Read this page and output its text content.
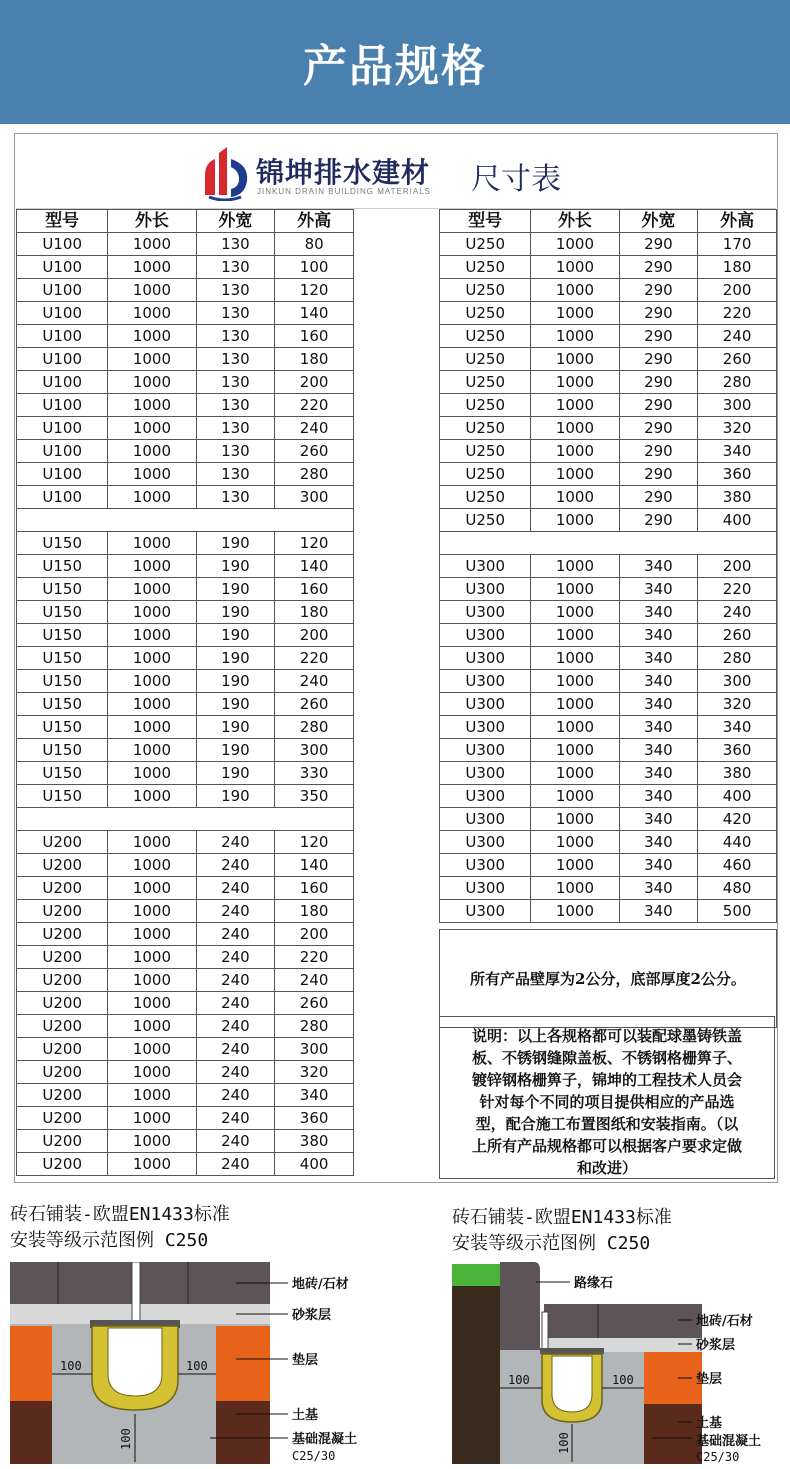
产品规格
锦坤排水建材
JINKUN DRAIN BUILDING MATERIALS 尺寸表
型号	外长	外宽	外高
U100	1000	130	80
U100	1000	130	100
U100	1000	130	120
U100	1000	130	140
U100	1000	130	160
U100	1000	130	180
U100	1000	130	200
U100	1000	130	220
U100	1000	130	240
U100	1000	130	260
U100	1000	130	280
U100	1000	130	300

U150	1000	190	120
U150	1000	190	140
U150	1000	190	160
U150	1000	190	180
U150	1000	190	200
U150	1000	190	220
U150	1000	190	240
U150	1000	190	260
U150	1000	190	280
U150	1000	190	300
U150	1000	190	330
U150	1000	190	350

U200	1000	240	120
U200	1000	240	140
U200	1000	240	160
U200	1000	240	180
U200	1000	240	200
U200	1000	240	220
U200	1000	240	240
U200	1000	240	260
U200	1000	240	280
U200	1000	240	300
U200	1000	240	320
U200	1000	240	340
U200	1000	240	360
U200	1000	240	380
U200	1000	240	400
型号	外长	外宽	外高
U250	1000	290	170
U250	1000	290	180
U250	1000	290	200
U250	1000	290	220
U250	1000	290	240
U250	1000	290	260
U250	1000	290	280
U250	1000	290	300
U250	1000	290	320
U250	1000	290	340
U250	1000	290	360
U250	1000	290	380
U250	1000	290	400

U300	1000	340	200
U300	1000	340	220
U300	1000	340	240
U300	1000	340	260
U300	1000	340	280
U300	1000	340	300
U300	1000	340	320
U300	1000	340	340
U300	1000	340	360
U300	1000	340	380
U300	1000	340	400
U300	1000	340	420
U300	1000	340	440
U300	1000	340	460
U300	1000	340	480
U300	1000	340	500
所有产品壁厚为2公分，底部厚度2公分。
说明：以上各规格都可以装配球墨铸铁盖
板、不锈钢缝隙盖板、不锈钢格栅箅子、
镀锌钢格栅箅子，锦坤的工程技术人员会
针对每个不同的项目提供相应的产品选
型，配合施工布置图纸和安装指南。（以
上所有产品规格都可以根据客户要求定做
和改进）
砖石铺装-欧盟EN1433标准
安装等级示范图例 C250
100	100
100
地砖/石材
砂浆层
垫层
土基
基础混凝土
C25/30
砖石铺装-欧盟EN1433标准
安装等级示范图例 C250
100	100
100
路缘石
地砖/石材
砂浆层
垫层
土基
基础混凝土
C25/30
